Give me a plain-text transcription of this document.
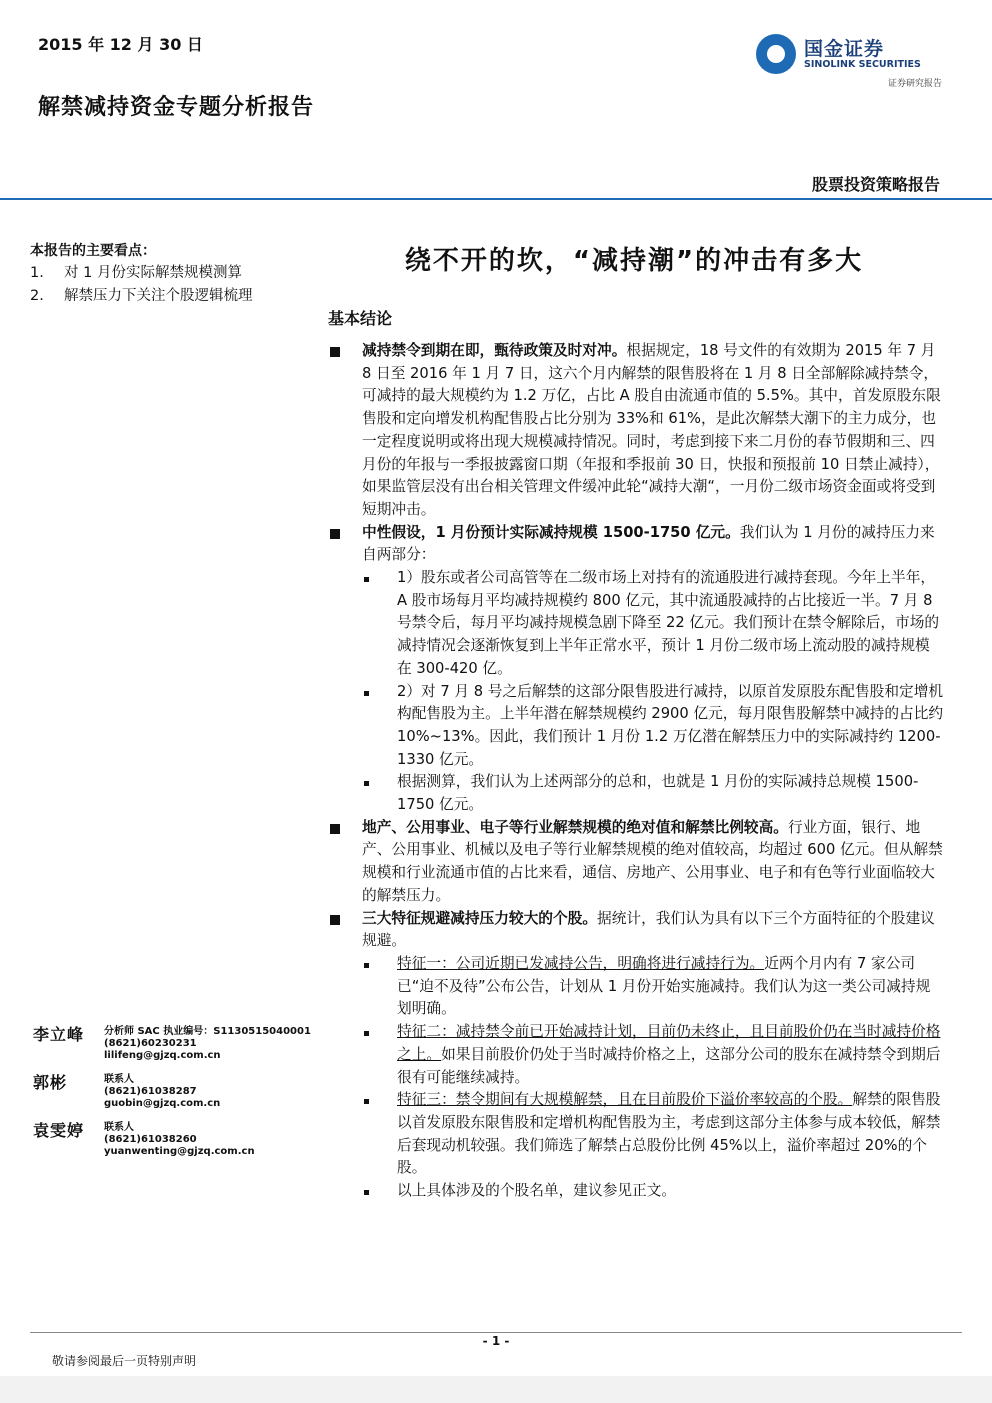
2015 年 12 月 30 日
解禁减持资金专题分析报告
国金证券
SINOLINK SECURITIES
证券研究报告
股票投资策略报告
本报告的主要看点：
1.	对 1 月份实际解禁规模测算
2.	解禁压力下关注个股逻辑梳理
绕不开的坎，“减持潮”的冲击有多大
基本结论
减持禁令到期在即，甄待政策及时对冲。根据规定，18 号文件的有效期为 2015 年 7 月 8 日至 2016 年 1 月 7 日，这六个月内解禁的限售股将在 1 月 8 日全部解除减持禁令，可减持的最大规模约为 1.2 万亿，占比 A 股自由流通市值的 5.5%。其中，首发原股东限售股和定向增发机构配售股占比分别为 33%和 61%，是此次解禁大潮下的主力成分，也一定程度说明或将出现大规模减持情况。同时，考虑到接下来二月份的春节假期和三、四月份的年报与一季报披露窗口期（年报和季报前 30 日，快报和预报前 10 日禁止减持），如果监管层没有出台相关管理文件缓冲此轮“减持大潮“，一月份二级市场资金面或将受到短期冲击。
中性假设，1 月份预计实际减持规模 1500-1750 亿元。我们认为 1 月份的减持压力来自两部分：
1）股东或者公司高管等在二级市场上对持有的流通股进行减持套现。今年上半年，A 股市场每月平均减持规模约 800 亿元，其中流通股减持的占比接近一半。7 月 8 号禁令后，每月平均减持规模急剧下降至 22 亿元。我们预计在禁令解除后，市场的减持情况会逐渐恢复到上半年正常水平，预计 1 月份二级市场上流动股的减持规模在 300-420 亿。
2）对 7 月 8 号之后解禁的这部分限售股进行减持，以原首发原股东配售股和定增机构配售股为主。上半年潜在解禁规模约 2900 亿元，每月限售股解禁中减持的占比约 10%~13%。因此，我们预计 1 月份 1.2 万亿潜在解禁压力中的实际减持约 1200-1330 亿元。
根据测算，我们认为上述两部分的总和，也就是 1 月份的实际减持总规模 1500-1750 亿元。
地产、公用事业、电子等行业解禁规模的绝对值和解禁比例较高。行业方面，银行、地产、公用事业、机械以及电子等行业解禁规模的绝对值较高，均超过 600 亿元。但从解禁规模和行业流通市值的占比来看，通信、房地产、公用事业、电子和有色等行业面临较大的解禁压力。
三大特征规避减持压力较大的个股。据统计，我们认为具有以下三个方面特征的个股建议规避。
特征一：公司近期已发减持公告，明确将进行减持行为。近两个月内有 7 家公司已“迫不及待”公布公告，计划从 1 月份开始实施减持。我们认为这一类公司减持规划明确。
特征二：减持禁令前已开始减持计划，目前仍未终止，且目前股价仍在当时减持价格之上。如果目前股价仍处于当时减持价格之上，这部分公司的股东在减持禁令到期后很有可能继续减持。
特征三：禁令期间有大规模解禁，且在目前股价下溢价率较高的个股。解禁的限售股以首发原股东限售股和定增机构配售股为主，考虑到这部分主体参与成本较低，解禁后套现动机较强。我们筛选了解禁占总股份比例 45%以上，溢价率超过 20%的个股。
以上具体涉及的个股名单，建议参见正文。
李立峰 分析师 SAC 执业编号：S1130515040001
(8621)60230231
lilifeng@gjzq.com.cn
郭彬	联系人
(8621)61038287
guobin@gjzq.com.cn
袁雯婷 联系人
(8621)61038260
yuanwenting@gjzq.com.cn
- 1 -
敬请参阅最后一页特别声明
